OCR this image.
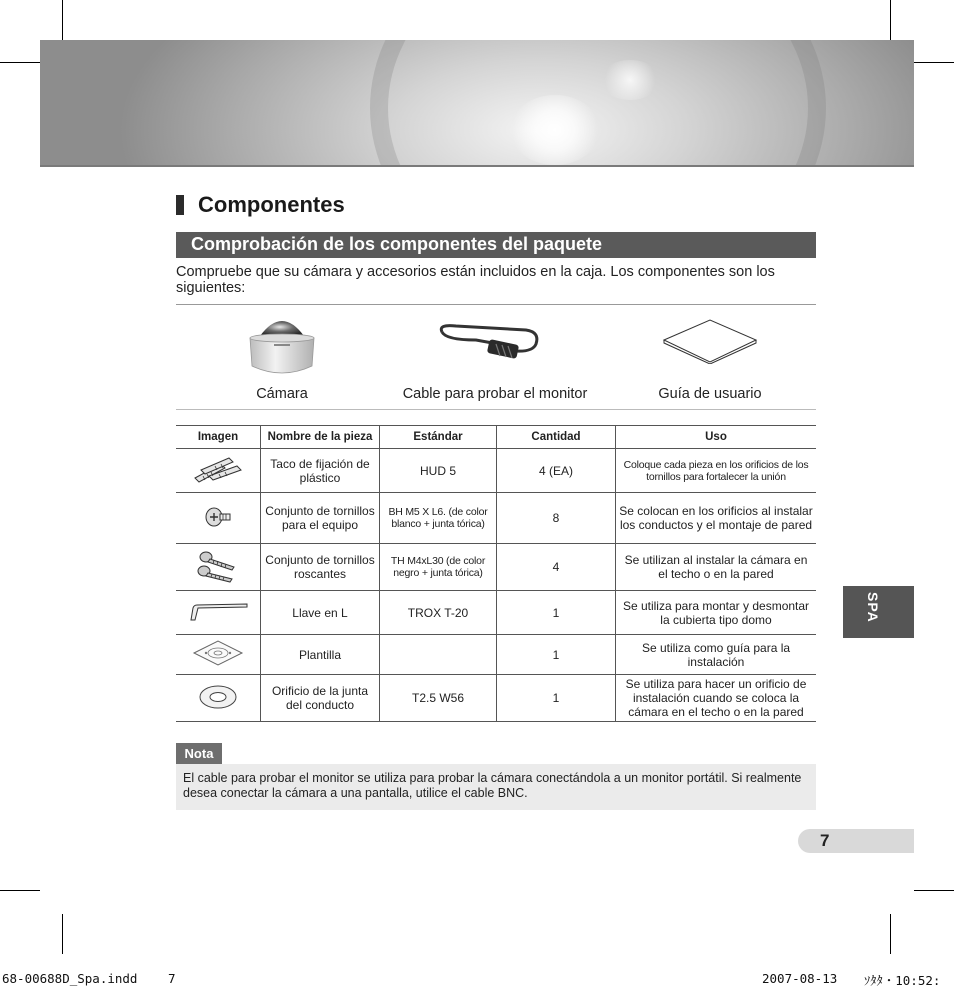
Componentes
Comprobación de los componentes del paquete
Compruebe que su cámara y accesorios están incluidos en la caja. Los componentes son los siguientes:
Cámara	Cable para probar el monitor	Guía de usuario
Imagen	Nombre de la pieza	Estándar	Cantidad	Uso
	Taco de fijación de plástico	HUD 5	4 (EA)	Coloque cada pieza en los orificios de los tornillos para fortalecer la unión
	Conjunto de tornillos para el equipo	BH M5 X L6. (de color blanco + junta tórica)	8	Se colocan en los orificios al instalar los conductos y el montaje de pared
	Conjunto de tornillos roscantes	TH M4xL30 (de color negro + junta tórica)	4	Se utilizan al instalar la cámara en el techo o en la pared
	Llave en L	TROX T-20	1	Se utiliza para montar y desmontar la cubierta tipo domo
	Plantilla		1	Se utiliza como guía para la instalación
	Orificio de la junta del conducto	T2.5 W56	1	Se utiliza para hacer un orificio de instalación cuando se coloca la cámara en el techo o en la pared
Nota
El cable para probar el monitor se utiliza para probar la cámara conectándola a un monitor portátil. Si realmente desea conectar la cámara a una pantalla, utilice el cable BNC.
SPA
7
68-00688D_Spa.indd 7	2007-08-13 ｿﾀﾀ・10:52:
